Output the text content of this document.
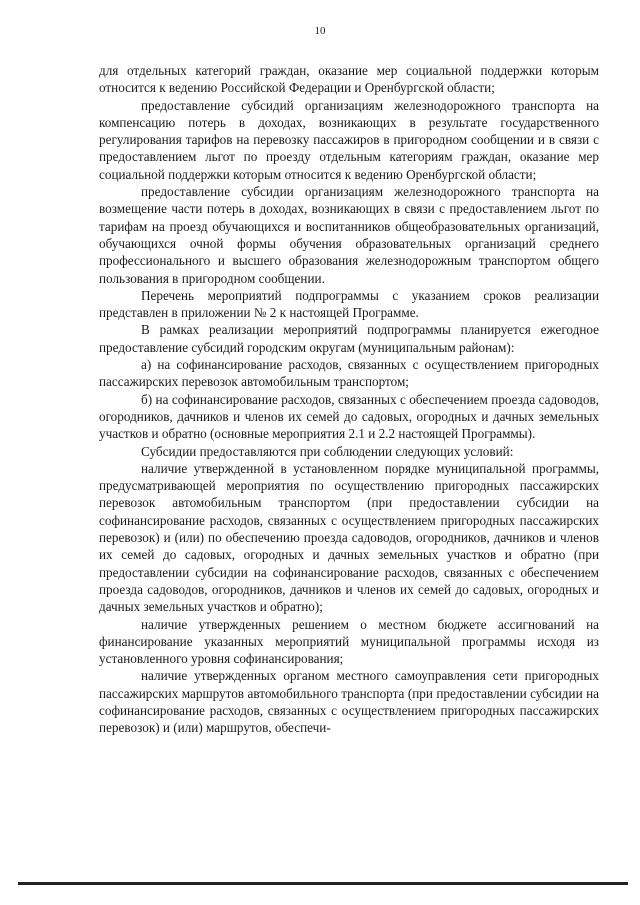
10

для отдельных категорий граждан, оказание мер социальной поддержки которым относится к ведению Российской Федерации и Оренбургской области;

предоставление субсидий организациям железнодорожного транспорта на компенсацию потерь в доходах, возникающих в результате государственного регулирования тарифов на перевозку пассажиров в пригородном сообщении и в связи с предоставлением льгот по проезду отдельным категориям граждан, оказание мер социальной поддержки которым относится к ведению Оренбургской области;

предоставление субсидии организациям железнодорожного транспорта на возмещение части потерь в доходах, возникающих в связи с предоставлением льгот по тарифам на проезд обучающихся и воспитанников общеобразовательных организаций, обучающихся очной формы обучения образовательных организаций среднего профессионального и высшего образования железнодорожным транспортом общего пользования в пригородном сообщении.

Перечень мероприятий подпрограммы с указанием сроков реализации представлен в приложении № 2 к настоящей Программе.

В рамках реализации мероприятий подпрограммы планируется ежегодное предоставление субсидий городским округам (муниципальным районам):

а) на софинансирование расходов, связанных с осуществлением пригородных пассажирских перевозок автомобильным транспортом;

б) на софинансирование расходов, связанных с обеспечением проезда садоводов, огородников, дачников и членов их семей до садовых, огородных и дачных земельных участков и обратно (основные мероприятия 2.1 и 2.2 настоящей Программы).

Субсидии предоставляются при соблюдении следующих условий:

наличие утвержденной в установленном порядке муниципальной программы, предусматривающей мероприятия по осуществлению пригородных пассажирских перевозок автомобильным транспортом (при предоставлении субсидии на софинансирование расходов, связанных с осуществлением пригородных пассажирских перевозок) и (или) по обеспечению проезда садоводов, огородников, дачников и членов их семей до садовых, огородных и дачных земельных участков и обратно (при предоставлении субсидии на софинансирование расходов, связанных с обеспечением проезда садоводов, огородников, дачников и членов их семей до садовых, огородных и дачных земельных участков и обратно);

наличие утвержденных решением о местном бюджете ассигнований на финансирование указанных мероприятий муниципальной программы исходя из установленного уровня софинансирования;

наличие утвержденных органом местного самоуправления сети пригородных пассажирских маршрутов автомобильного транспорта (при предоставлении субсидии на софинансирование расходов, связанных с осуществлением пригородных пассажирских перевозок) и (или) маршрутов, обеспечи-
